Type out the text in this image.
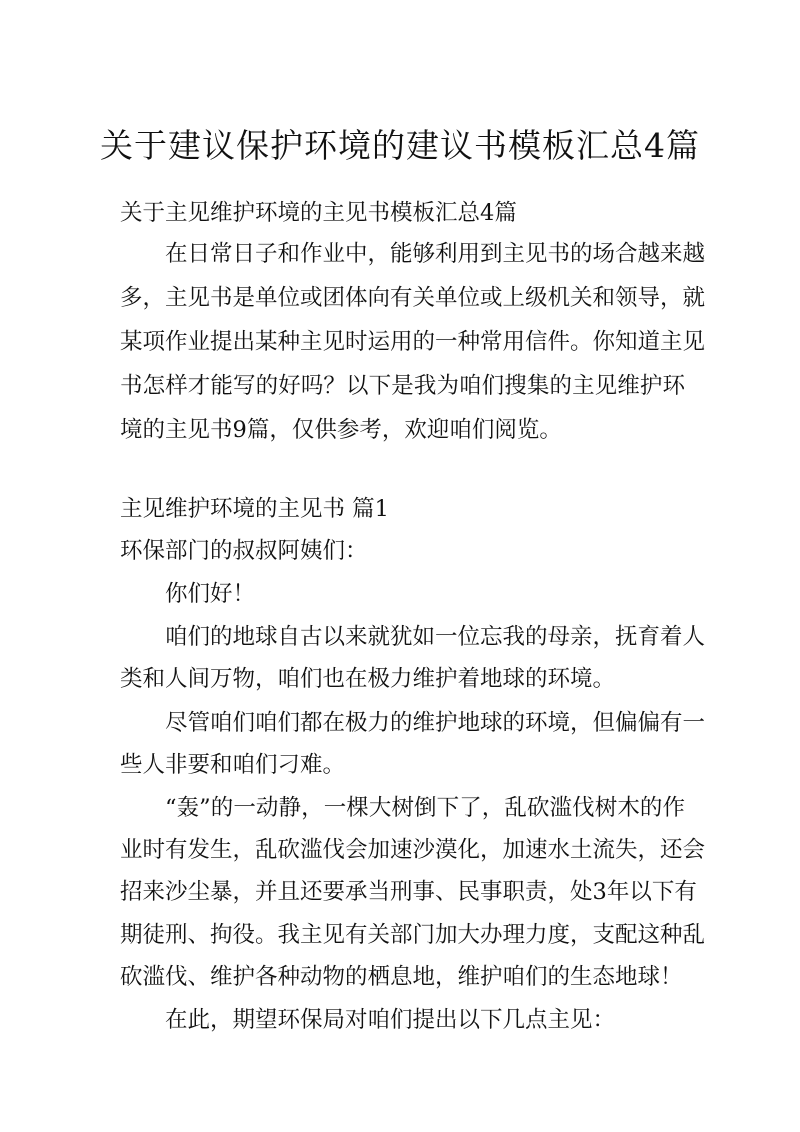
关于建议保护环境的建议书模板汇总4篇

关于主见维护环境的主见书模板汇总4篇

在日常日子和作业中，能够利用到主见书的场合越来越

多，主见书是单位或团体向有关单位或上级机关和领导，就

某项作业提出某种主见时运用的一种常用信件。你知道主见

书怎样才能写的好吗？以下是我为咱们搜集的主见维护环

境的主见书9篇，仅供参考，欢迎咱们阅览。

主见维护环境的主见书 篇1

环保部门的叔叔阿姨们：

你们好！

咱们的地球自古以来就犹如一位忘我的母亲，抚育着人

类和人间万物，咱们也在极力维护着地球的环境。

尽管咱们咱们都在极力的维护地球的环境，但偏偏有一

些人非要和咱们刁难。

“轰”的一动静，一棵大树倒下了，乱砍滥伐树木的作

业时有发生，乱砍滥伐会加速沙漠化，加速水土流失，还会

招来沙尘暴，并且还要承当刑事、民事职责，处3年以下有

期徒刑、拘役。我主见有关部门加大办理力度，支配这种乱

砍滥伐、维护各种动物的栖息地，维护咱们的生态地球！

在此，期望环保局对咱们提出以下几点主见：
